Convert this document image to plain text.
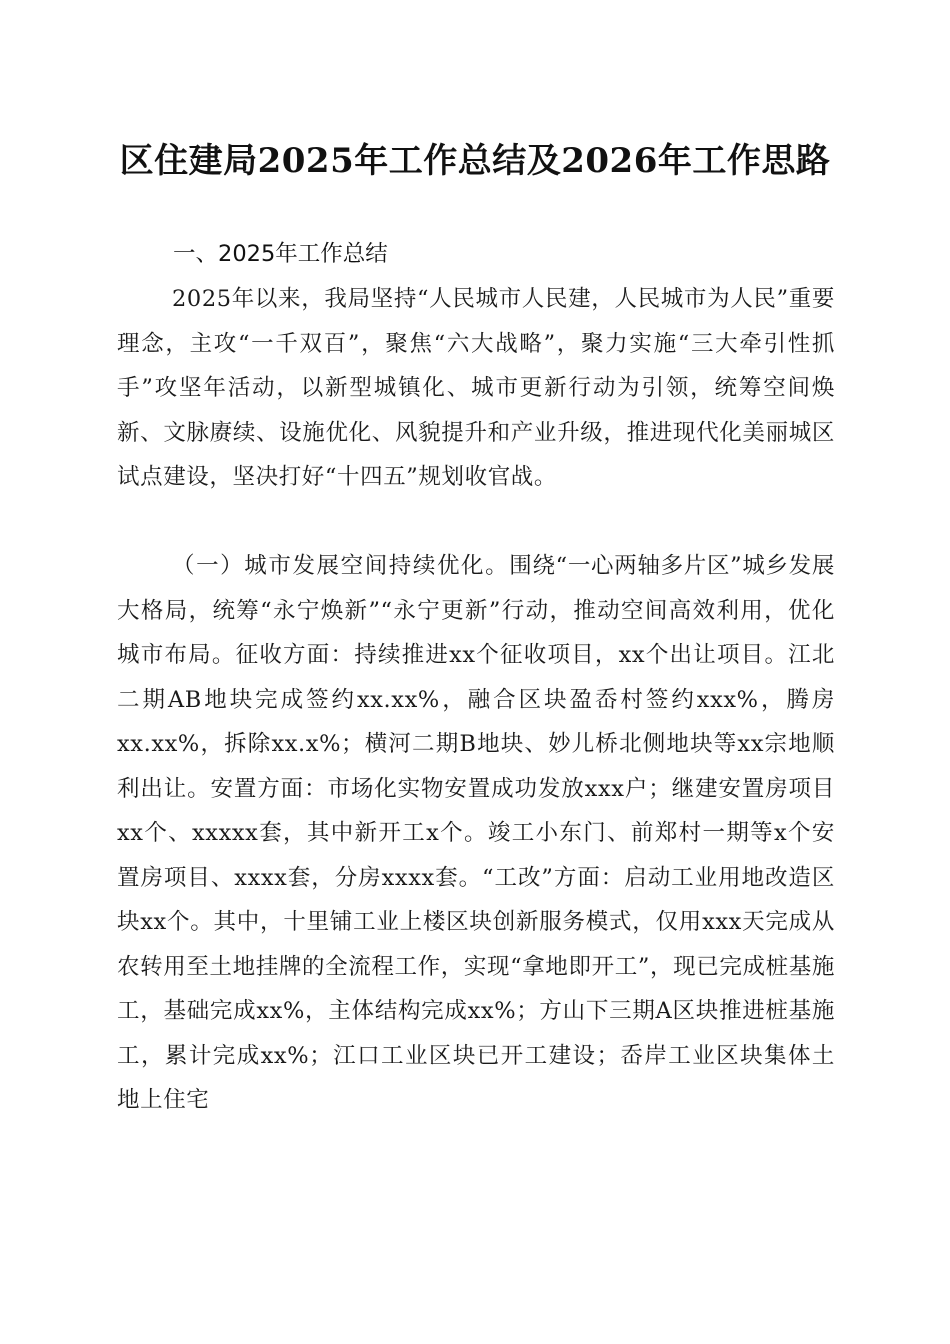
区住建局2025年工作总结及2026年工作思路
一、2025年工作总结
2025年以来，我局坚持“人民城市人民建，人民城市为人民”重要理念，主攻“一千双百”，聚焦“六大战略”，聚力实施“三大牵引性抓手”攻坚年活动，以新型城镇化、城市更新行动为引领，统筹空间焕新、文脉赓续、设施优化、风貌提升和产业升级，推进现代化美丽城区试点建设，坚决打好“十四五”规划收官战。
（一）城市发展空间持续优化。围绕“一心两轴多片区”城乡发展大格局，统筹“永宁焕新”“永宁更新”行动，推动空间高效利用，优化城市布局。征收方面：持续推进xx个征收项目，xx个出让项目。江北二期AB地块完成签约xx.xx%，融合区块盈岙村签约xxx%，腾房xx.xx%，拆除xx.x%；横河二期B地块、妙儿桥北侧地块等xx宗地顺利出让。安置方面：市场化实物安置成功发放xxx户；继建安置房项目xx个、xxxxx套，其中新开工x个。竣工小东门、前郑村一期等x个安置房项目、xxxx套，分房xxxx套。“工改”方面：启动工业用地改造区块xx个。其中，十里铺工业上楼区块创新服务模式，仅用xxx天完成从农转用至土地挂牌的全流程工作，实现“拿地即开工”，现已完成桩基施工，基础完成xx%，主体结构完成xx%；方山下三期A区块推进桩基施工，累计完成xx%；江口工业区块已开工建设；岙岸工业区块集体土地上住宅
